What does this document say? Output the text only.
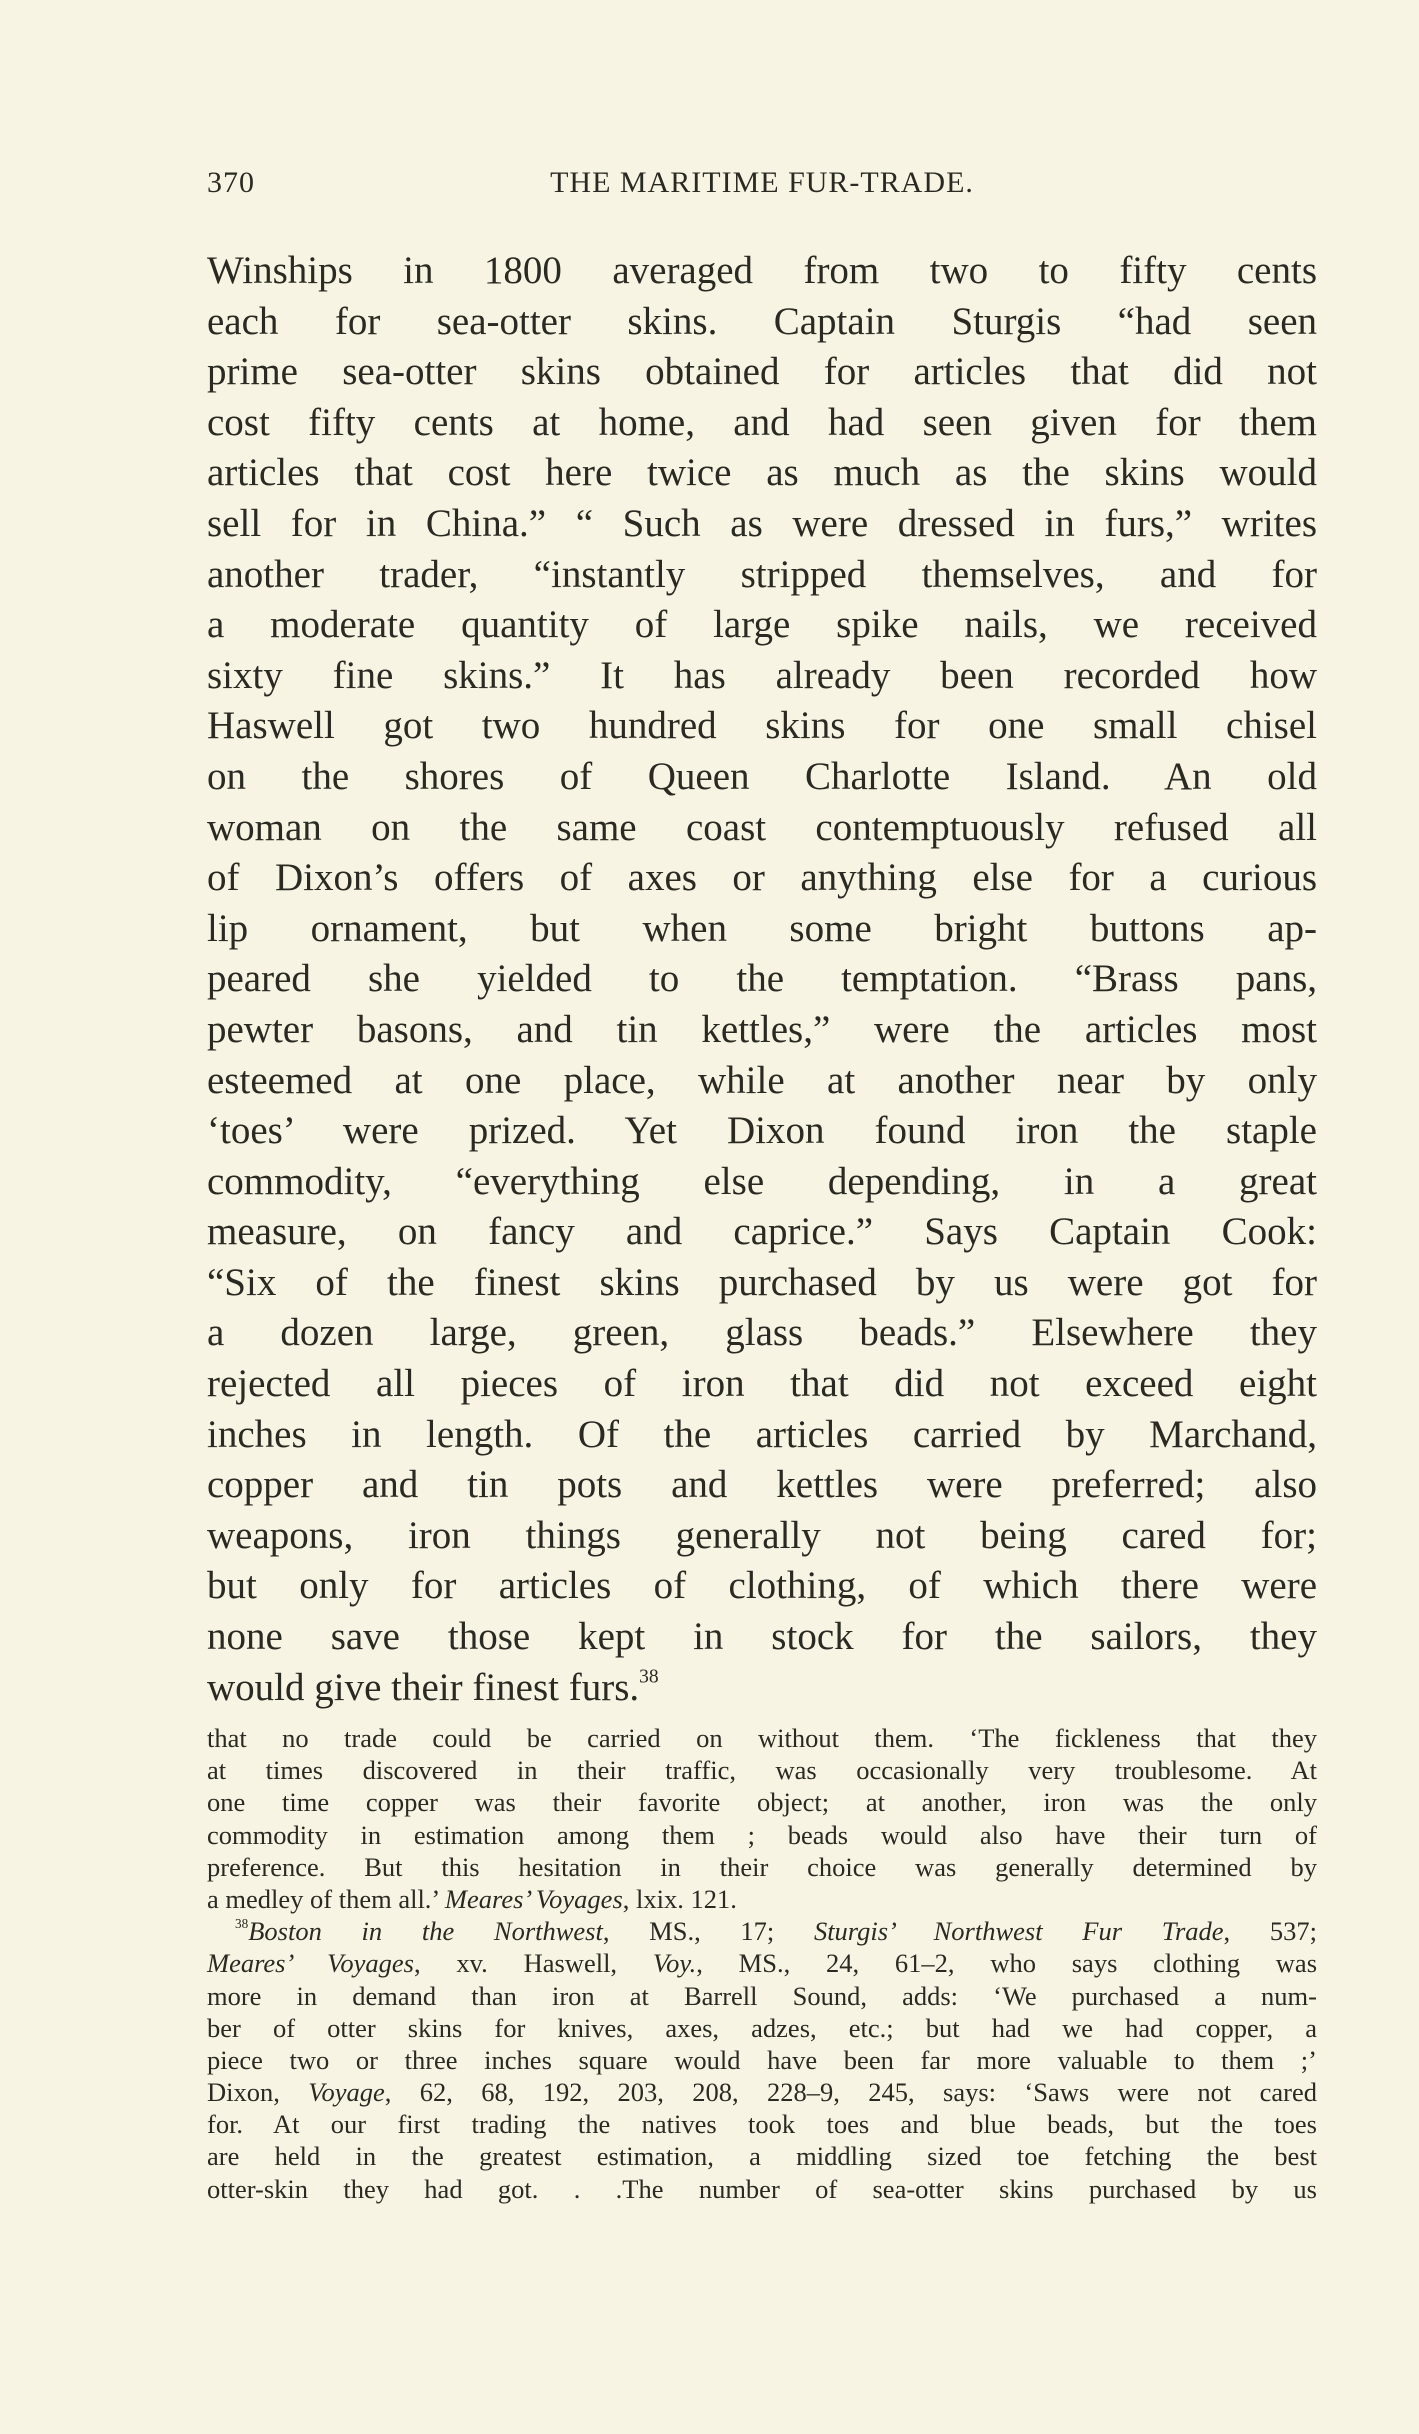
370	THE MARITIME FUR-TRADE.
Winships in 1800 averaged from two to fifty cents
each for sea-otter skins. Captain Sturgis “had seen
prime sea-otter skins obtained for articles that did not
cost fifty cents at home, and had seen given for them
articles that cost here twice as much as the skins would
sell for in China.” “ Such as were dressed in furs,” writes
another trader, “instantly stripped themselves, and for
a moderate quantity of large spike nails, we received
sixty fine skins.” It has already been recorded how
Haswell got two hundred skins for one small chisel
on the shores of Queen Charlotte Island. An old
woman on the same coast contemptuously refused all
of Dixon’s offers of axes or anything else for a curious
lip ornament, but when some bright buttons ap-
peared she yielded to the temptation. “Brass pans,
pewter basons, and tin kettles,” were the articles most
esteemed at one place, while at another near by only
‘toes’ were prized. Yet Dixon found iron the staple
commodity, “everything else depending, in a great
measure, on fancy and caprice.” Says Captain Cook:
“Six of the finest skins purchased by us were got for
a dozen large, green, glass beads.” Elsewhere they
rejected all pieces of iron that did not exceed eight
inches in length. Of the articles carried by Marchand,
copper and tin pots and kettles were preferred; also
weapons, iron things generally not being cared for;
but only for articles of clothing, of which there were
none save those kept in stock for the sailors, they
would give their finest furs.$^{38}$
that no trade could be carried on without them. ‘The fickleness that they
at times discovered in their traffic, was occasionally very troublesome. At
one time copper was their favorite object; at another, iron was the only
commodity in estimation among them ; beads would also have their turn of
preference. But this hesitation in their choice was generally determined by
a medley of them all.’ Meares’ Voyages, lxix. 121.
$^{38}$Boston in the Northwest, MS., 17; Sturgis’ Northwest Fur Trade, 537;
Meares’ Voyages, xv. Haswell, Voy., MS., 24, 61–2, who says clothing was
more in demand than iron at Barrell Sound, adds: ‘We purchased a num-
ber of otter skins for knives, axes, adzes, etc.; but had we had copper, a
piece two or three inches square would have been far more valuable to them ;’
Dixon, Voyage, 62, 68, 192, 203, 208, 228–9, 245, says: ‘Saws were not cared
for. At our first trading the natives took toes and blue beads, but the toes
are held in the greatest estimation, a middling sized toe fetching the best
otter-skin they had got. . .The number of sea-otter skins purchased by us
